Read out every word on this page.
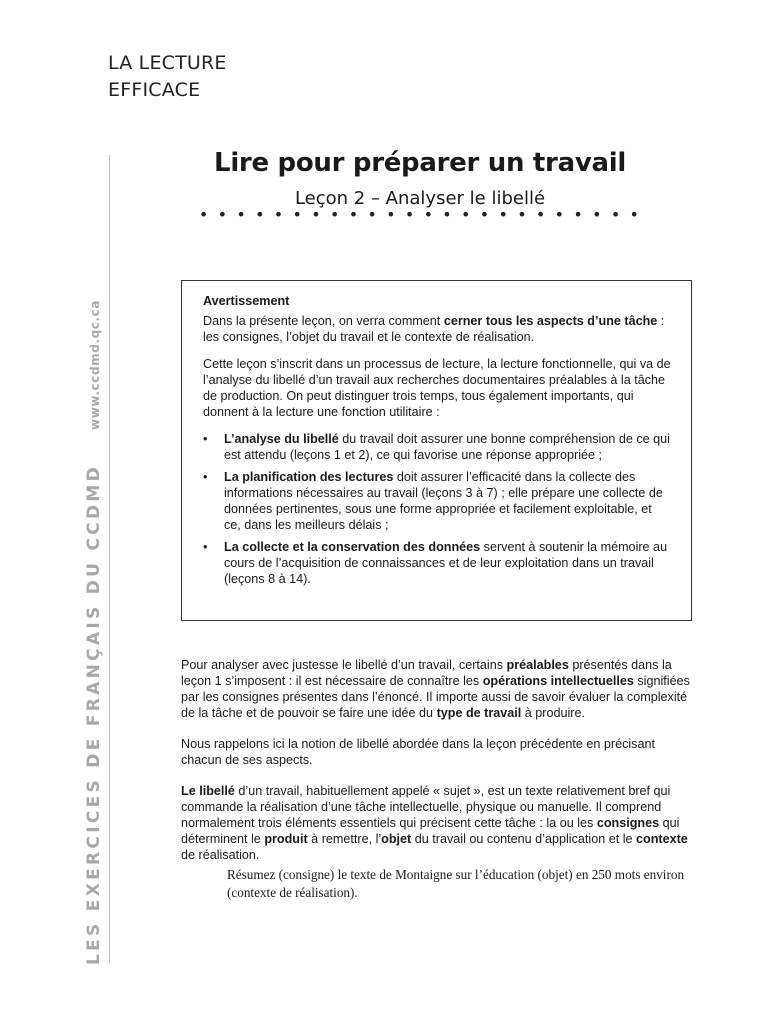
LA LECTURE
EFFICACE
LES EXERCICES DE FRANÇAIS DU CCDMDwww.ccdmd.qc.ca
Lire pour préparer un travail
Leçon 2 – Analyser le libellé
• • • • • • • • • • • • • • • • • • • • • • • •
Avertissement

Dans la présente leçon, on verra comment cerner tous les aspects d’une tâche : les consignes, l’objet du travail et le contexte de réalisation.

Cette leçon s’inscrit dans un processus de lecture, la lecture fonctionnelle, qui va de l’analyse du libellé d’un travail aux recherches documentaires préalables à la tâche de production. On peut distinguer trois temps, tous également importants, qui donnent à la lecture une fonction utilitaire :

• L’analyse du libellé du travail doit assurer une bonne compréhension de ce qui est attendu (leçons 1 et 2), ce qui favorise une réponse appropriée ;
• La planification des lectures doit assurer l’efficacité dans la collecte des informations nécessaires au travail (leçons 3 à 7) ; elle prépare une collecte de données pertinentes, sous une forme appropriée et facilement exploitable, et ce, dans les meilleurs délais ;
• La collecte et la conservation des données servent à soutenir la mémoire au cours de l’acquisition de connaissances et de leur exploitation dans un travail (leçons 8 à 14).

Pour analyser avec justesse le libellé d’un travail, certains préalables présentés dans la leçon 1 s’imposent : il est nécessaire de connaître les opérations intellectuelles signifiées par les consignes présentes dans l’énoncé. Il importe aussi de savoir évaluer la complexité de la tâche et de pouvoir se faire une idée du type de travail à produire.

Nous rappelons ici la notion de libellé abordée dans la leçon précédente en précisant chacun de ses aspects.

Le libellé d’un travail, habituellement appelé « sujet », est un texte relativement bref qui commande la réalisation d’une tâche intellectuelle, physique ou manuelle. Il comprend normalement trois éléments essentiels qui précisent cette tâche : la ou les consignes qui déterminent le produit à remettre, l’objet du travail ou contenu d’application et le contexte de réalisation.

Résumez (consigne) le texte de Montaigne sur l’éducation (objet) en 250 mots environ (contexte de réalisation).
